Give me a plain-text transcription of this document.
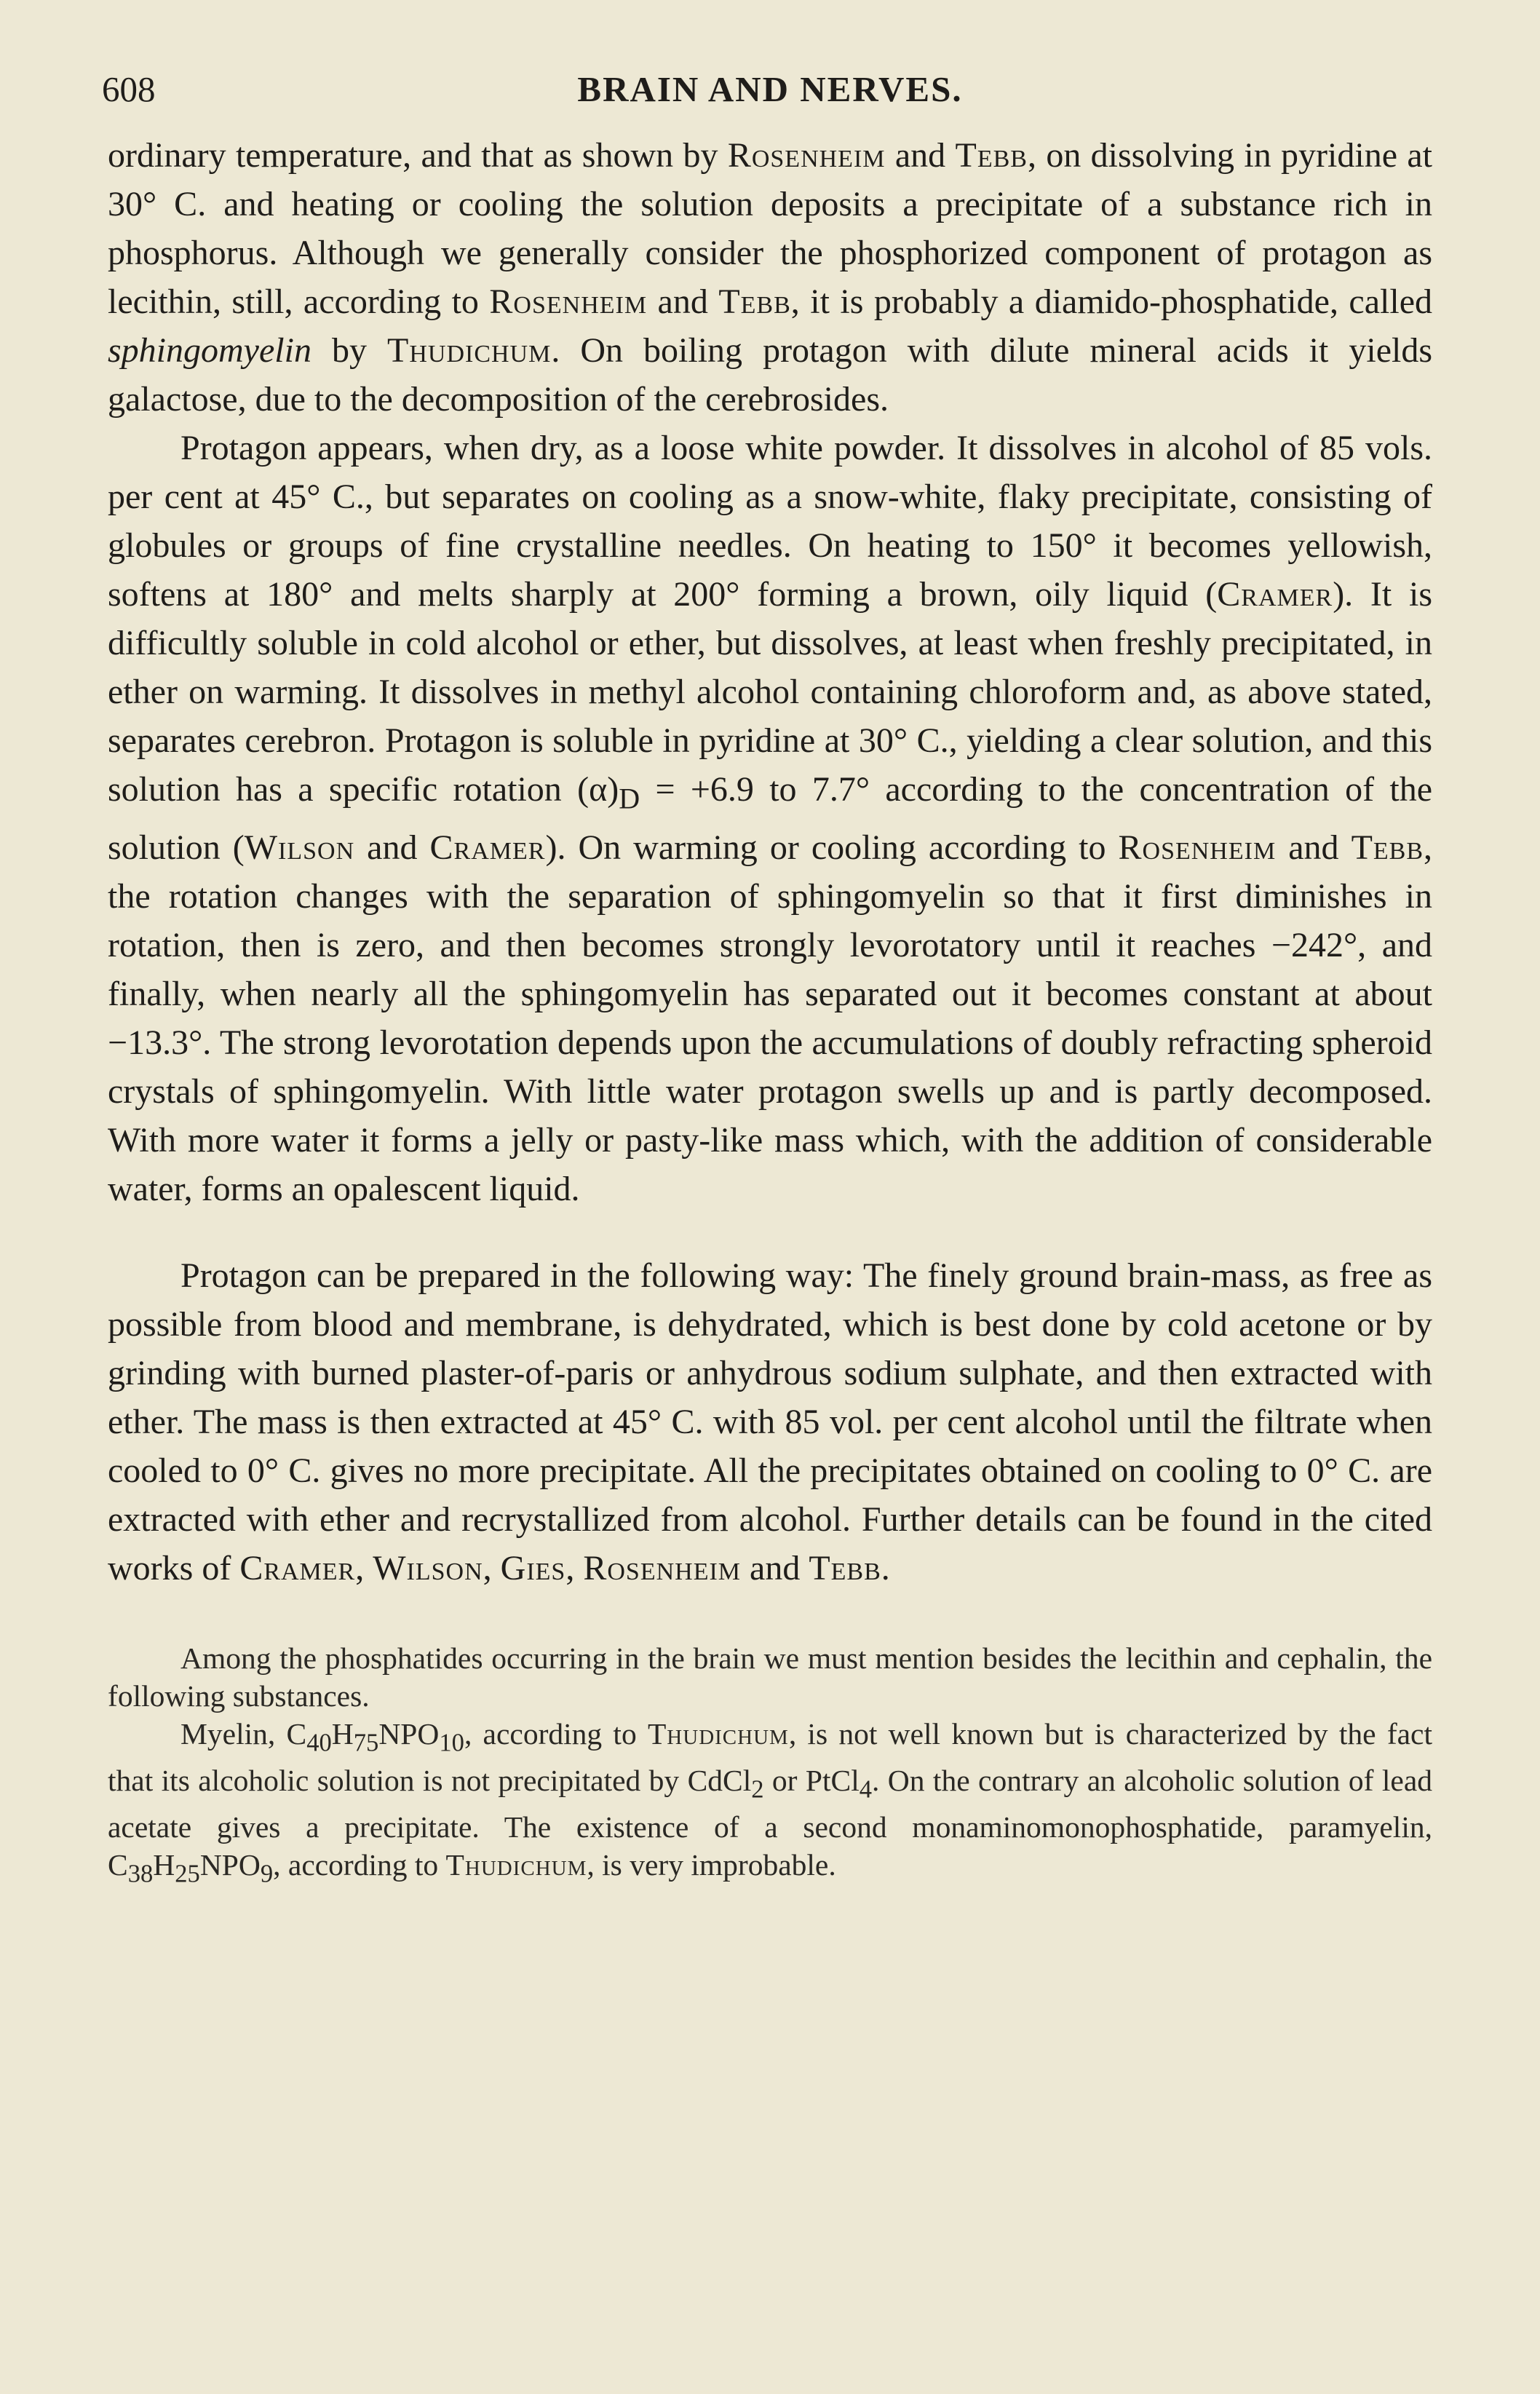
608	BRAIN AND NERVES.

ordinary temperature, and that as shown by Rosenheim and Tebb, on dissolving in pyridine at 30° C. and heating or cooling the solution deposits a precipitate of a substance rich in phosphorus. Although we generally consider the phosphorized component of protagon as lecithin, still, according to Rosenheim and Tebb, it is probably a diamido-phosphatide, called sphingomyelin by Thudichum. On boiling protagon with dilute mineral acids it yields galactose, due to the decomposition of the cerebrosides.

Protagon appears, when dry, as a loose white powder. It dissolves in alcohol of 85 vols. per cent at 45° C., but separates on cooling as a snow-white, flaky precipitate, consisting of globules or groups of fine crystalline needles. On heating to 150° it becomes yellowish, softens at 180° and melts sharply at 200° forming a brown, oily liquid (Cramer). It is difficultly soluble in cold alcohol or ether, but dissolves, at least when freshly precipitated, in ether on warming. It dissolves in methyl alcohol containing chloroform and, as above stated, separates cerebron. Protagon is soluble in pyridine at 30° C., yielding a clear solution, and this solution has a specific rotation $(\alpha)_D = +6.9$ to 7.7° according to the concentration of the solution (Wilson and Cramer). On warming or cooling according to Rosenheim and Tebb, the rotation changes with the separation of sphingomyelin so that it first diminishes in rotation, then is zero, and then becomes strongly levorotatory until it reaches −242°, and finally, when nearly all the sphingomyelin has separated out it becomes constant at about −13.3°. The strong levorotation depends upon the accumulations of doubly refracting spheroid crystals of sphingomyelin. With little water protagon swells up and is partly decomposed. With more water it forms a jelly or pasty-like mass which, with the addition of considerable water, forms an opalescent liquid.

Protagon can be prepared in the following way: The finely ground brain-mass, as free as possible from blood and membrane, is dehydrated, which is best done by cold acetone or by grinding with burned plaster-of-paris or anhydrous sodium sulphate, and then extracted with ether. The mass is then extracted at 45° C. with 85 vol. per cent alcohol until the filtrate when cooled to 0° C. gives no more precipitate. All the precipitates obtained on cooling to 0° C. are extracted with ether and recrystallized from alcohol. Further details can be found in the cited works of Cramer, Wilson, Gies, Rosenheim and Tebb.

Among the phosphatides occurring in the brain we must mention besides the lecithin and cephalin, the following substances.

Myelin, $C_{40}H_{75}NPO_{10}$, according to Thudichum, is not well known but is characterized by the fact that its alcoholic solution is not precipitated by CdCl$_2$ or PtCl$_4$. On the contrary an alcoholic solution of lead acetate gives a precipitate. The existence of a second monaminomonophosphatide, paramyelin, $C_{38}H_{25}NPO_9$, according to Thudichum, is very improbable.
